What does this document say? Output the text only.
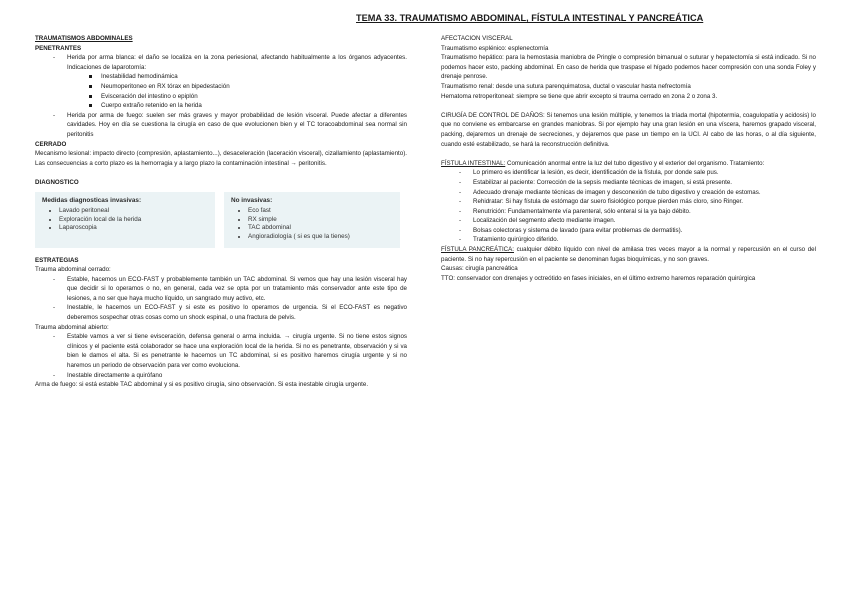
TEMA 33. TRAUMATISMO ABDOMINAL, FÍSTULA INTESTINAL Y PANCREÁTICA

TRAUMATISMOS ABDOMINALES

PENETRANTES

- Herida por arma blanca: el daño se localiza en la zona periesional, afectando habitualmente a los órganos adyacentes. Indicaciones de laparotomía:

Inestabilidad hemodinámica

Neumoperitoneo en RX tórax en bipedestación

Evisceración del intestino o epiplón

Cuerpo extraño retenido en la herida

- Herida por arma de fuego: suelen ser más graves y mayor probabilidad de lesión visceral. Puede afectar a diferentes cavidades. Hoy en día se cuestiona la cirugía en caso de que evolucionen bien y el TC toracoabdominal sea normal sin peritonitis

CERRADO

Mecanismo lesional: impacto directo (compresión, aplastamiento...), desaceleración (laceración visceral), cizallamiento (aplastamiento). Las consecuencias a corto plazo es la hemorragia y a largo plazo la contaminación intestinal → peritonitis.

DIAGNOSTICO

Medidas diagnosticas invasivas:
• Lavado peritoneal
• Exploración local de la herida
• Laparoscopia
No invasivas:
• Eco fast
• RX simple
• TAC abdominal
• Angioradiología ( si es que la tienes)

ESTRATEGIAS

Trauma abdominal cerrado:

- Estable, hacemos un ECO-FAST y probablemente también un TAC abdominal. Si vemos que hay una lesión visceral hay que decidir si lo operamos o no, en general, cada vez se opta por un tratamiento más conservador ante este tipo de lesiones, a no ser que haya mucho líquido, un sangrado muy activo, etc.

- Inestable, le hacemos un ECO-FAST y si este es positivo lo operamos de urgencia. Si el ECO-FAST es negativo deberemos sospechar otras cosas como un shock espinal, o una fractura de pelvis.

Trauma abdominal abierto:

- Estable vamos a ver si tiene evisceración, defensa general o arma incluida. → cirugía urgente. Si no tiene estos signos clínicos y el paciente está colaborador se hace una exploración local de la herida. Si no es penetrante, observación y si va bien le damos el alta. Si es penetrante le hacemos un TC abdominal, si es positivo haremos cirugía urgente y si no haremos un periodo de observación para ver como evoluciona.

- Inestable directamente a quirófano

Arma de fuego: si está estable TAC abdominal y si es positivo cirugía, sino observación. Si esta inestable cirugía urgente.

AFECTACION VISCERAL

Traumatismo esplénico: esplenectomía

Traumatismo hepático: para la hemostasia maniobra de Pringle o compresión bimanual o suturar y hepatectomía si está indicado. Si no podemos hacer esto, packing abdominal. En caso de herida que traspase el hígado podemos hacer compresión con una sonda Foley y drenaje penrose.

Traumatismo renal: desde una sutura parenquimatosa, ductal o vascular hasta nefrectomía

Hematoma retroperitoneal: siempre se tiene que abrir excepto si trauma cerrado en zona 2 o zona 3.

CIRUGÍA DE CONTROL DE DAÑOS: Si tenemos una lesión múltiple, y tenemos la tríada mortal (hipotermia, coagulopatía y acidosis) lo que no conviene es embarcarse en grandes maniobras. Si por ejemplo hay una gran lesión en una víscera, haremos grapado visceral, packing, dejaremos un drenaje de secreciones, y dejaremos que pase un tiempo en la UCI. Al cabo de las horas, o al día siguiente, cuando esté estabilizado, se hará la reconstrucción definitiva.

FÍSTULA INTESTINAL: Comunicación anormal entre la luz del tubo digestivo y el exterior del organismo. Tratamiento:

- Lo primero es identificar la lesión, es decir, identificación de la fístula, por donde sale pus.

- Estabilizar al paciente: Corrección de la sepsis mediante técnicas de imagen, si está presente.

- Adecuado drenaje mediante técnicas de imagen y desconexión de tubo digestivo y creación de estomas.

- Rehidratar: Si hay fístula de estómago dar suero fisiológico porque pierden más cloro, sino Ringer.

- Renutrición: Fundamentalmente vía parenteral, sólo enteral si la ya bajo débito.

- Localización del segmento afecto mediante imagen.

- Bolsas colectoras y sistema de lavado (para evitar problemas de dermatitis).

- Tratamiento quirúrgico diferido.

FÍSTULA PANCREÁTICA: cualquier débito líquido con nivel de amilasa tres veces mayor a la normal y repercusión en el curso del paciente. Si no hay repercusión en el paciente se denominan fugas bioquímicas, y no son graves.

Causas: cirugía pancreática

TTO: conservador con drenajes y octreótido en fases iniciales, en el último extremo haremos reparación quirúrgica
